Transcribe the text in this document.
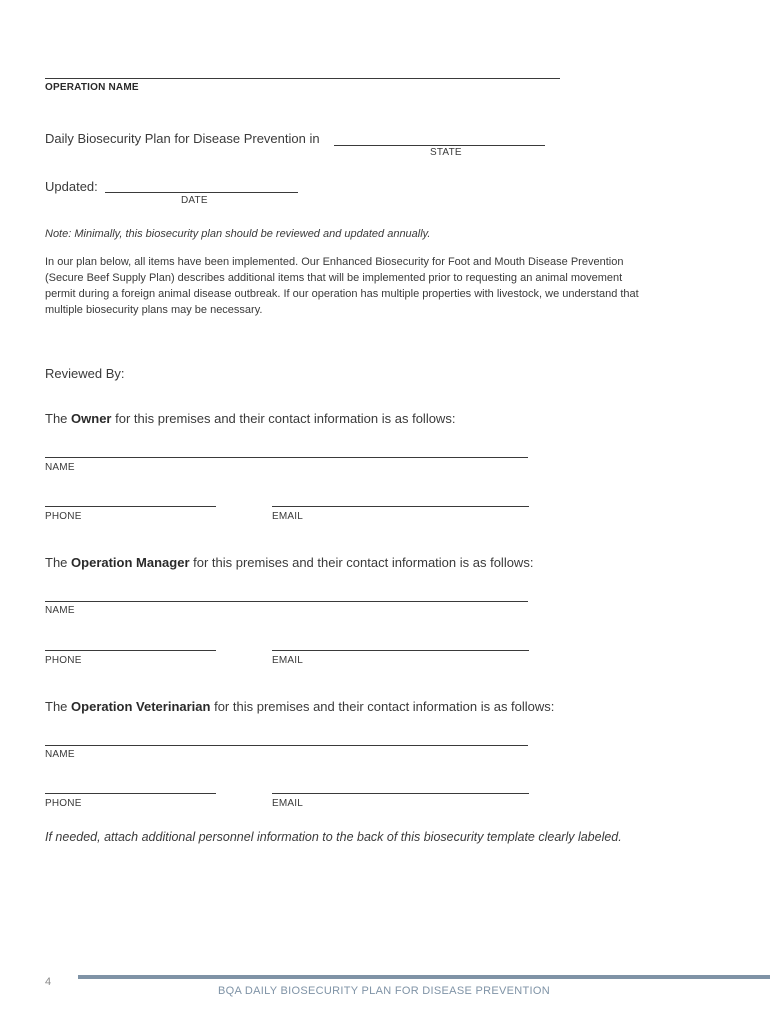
OPERATION NAME
Daily Biosecurity Plan for Disease Prevention in
STATE
Updated:
DATE
Note: Minimally, this biosecurity plan should be reviewed and updated annually.
In our plan below, all items have been implemented. Our Enhanced Biosecurity for Foot and Mouth Disease Prevention
(Secure Beef Supply Plan) describes additional items that will be implemented prior to requesting an animal movement
permit during a foreign animal disease outbreak. If our operation has multiple properties with livestock, we understand that
multiple biosecurity plans may be necessary.
Reviewed By:
The Owner for this premises and their contact information is as follows:
NAME
PHONE	EMAIL
The Operation Manager for this premises and their contact information is as follows:
NAME
PHONE	EMAIL
The Operation Veterinarian for this premises and their contact information is as follows:
NAME
PHONE	EMAIL
If needed, attach additional personnel information to the back of this biosecurity template clearly labeled.
4
BQA DAILY BIOSECURITY PLAN FOR DISEASE PREVENTION
